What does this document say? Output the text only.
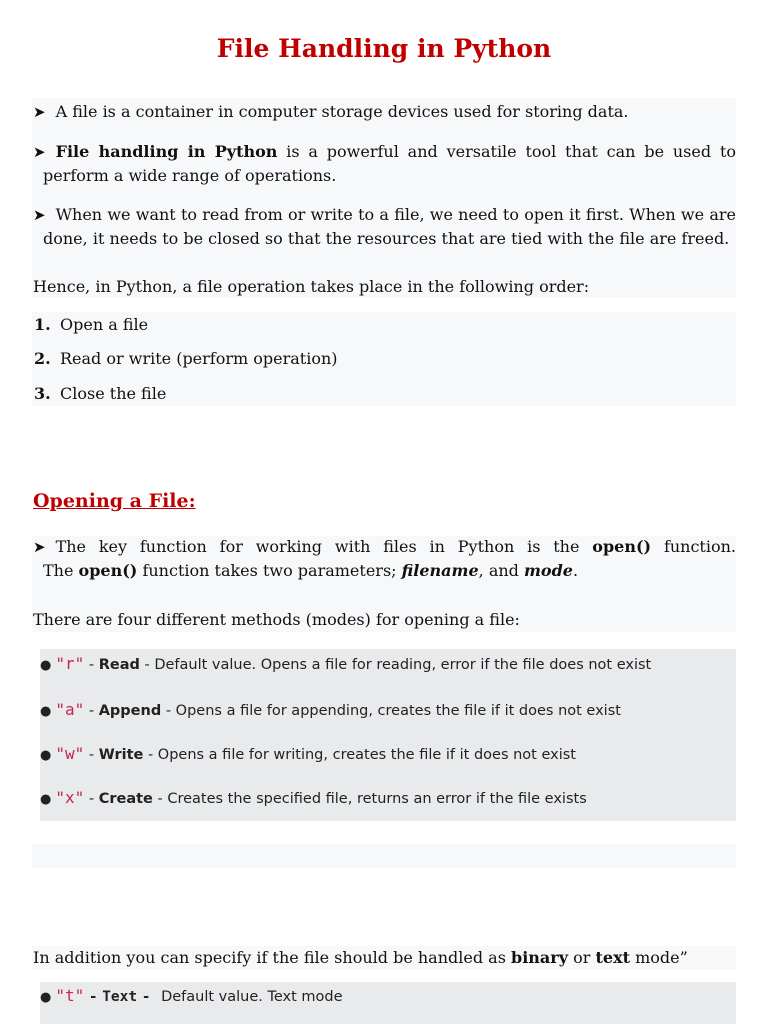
File Handling in Python
➤ A file is a container in computer storage devices used for storing data.
➤ File handling in Python is a powerful and versatile tool that can be used to
perform a wide range of operations.
➤ When we want to read from or write to a file, we need to open it first. When we are
done, it needs to be closed so that the resources that are tied with the file are freed.
Hence, in Python, a file operation takes place in the following order:
1. Open a file
2. Read or write (perform operation)
3. Close the file
Opening a File:
➤ The key function for working with files in Python is the open() function.
The open() function takes two parameters; filename, and mode.
There are four different methods (modes) for opening a file:
● "r" - Read - Default value. Opens a file for reading, error if the file does not exist
● "a" - Append - Opens a file for appending, creates the file if it does not exist
● "w" - Write - Opens a file for writing, creates the file if it does not exist
● "x" - Create - Creates the specified file, returns an error if the file exists
In addition you can specify if the file should be handled as binary or text mode”
● "t" - Text - Default value. Text mode
